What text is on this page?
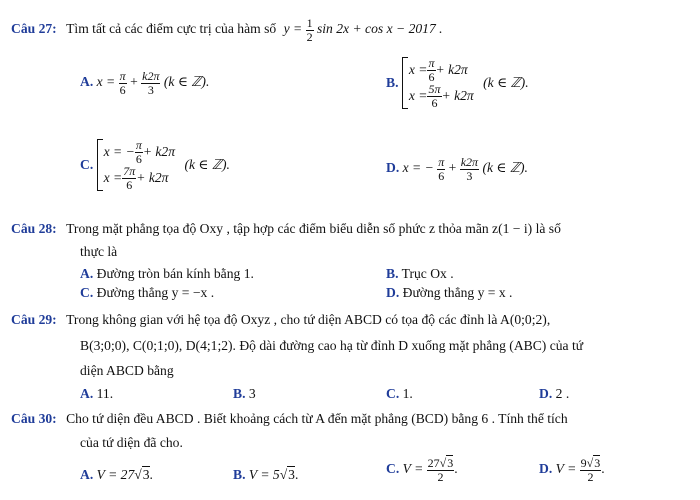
Câu 27: Tìm tất cả các điểm cực trị của hàm số $y = \frac{1}{2}$ sin 2x + cos x − 2017 .
A. $x = \frac{\pi}{6} + \frac{k2\pi}{3} (k$ ∈ ℤ).	B.
$x = \frac{\pi}{6} + k2\pi$
$x = \frac{5\pi}{6} + k2\pi$
(k ∈ ℤ).
C.
x = − $\frac{\pi}{6} + k2\pi$
$x = \frac{7\pi}{6} + k2\pi$
(k ∈ ℤ).	D. x = − $\frac{\pi}{6} + \frac{k2\pi}{3} (k$ ∈ ℤ).
Câu 28: Trong mặt phẳng tọa độ Oxy , tập hợp các điểm biểu diễn số phức z thỏa mãn z(1 − i) là số
thực là
A. Đường tròn bán kính bằng 1.	B. Trục Ox .
C. Đường thẳng y = −x .	D. Đường thẳng y = x .
Câu 29: Trong không gian với hệ tọa độ Oxyz , cho tứ diện ABCD có tọa độ các đỉnh là A(0;0;2),
B(3;0;0), C(0;1;0), D(4;1;2). Độ dài đường cao hạ từ đỉnh D xuống mặt phẳng (ABC) của tứ
diện ABCD bằng
A. 11.	B. 3	C. 1.	D. 2 .
Câu 30: Cho tứ diện đều ABCD . Biết khoảng cách từ A đến mặt phẳng (BCD) bằng 6 . Tính thể tích
của tứ diện đã cho.
A. V = 27√3.	B. V = 5√3.	C. $V = \frac{27√3}{2}$ .	D. $V = \frac{9√3}{2}$ .
